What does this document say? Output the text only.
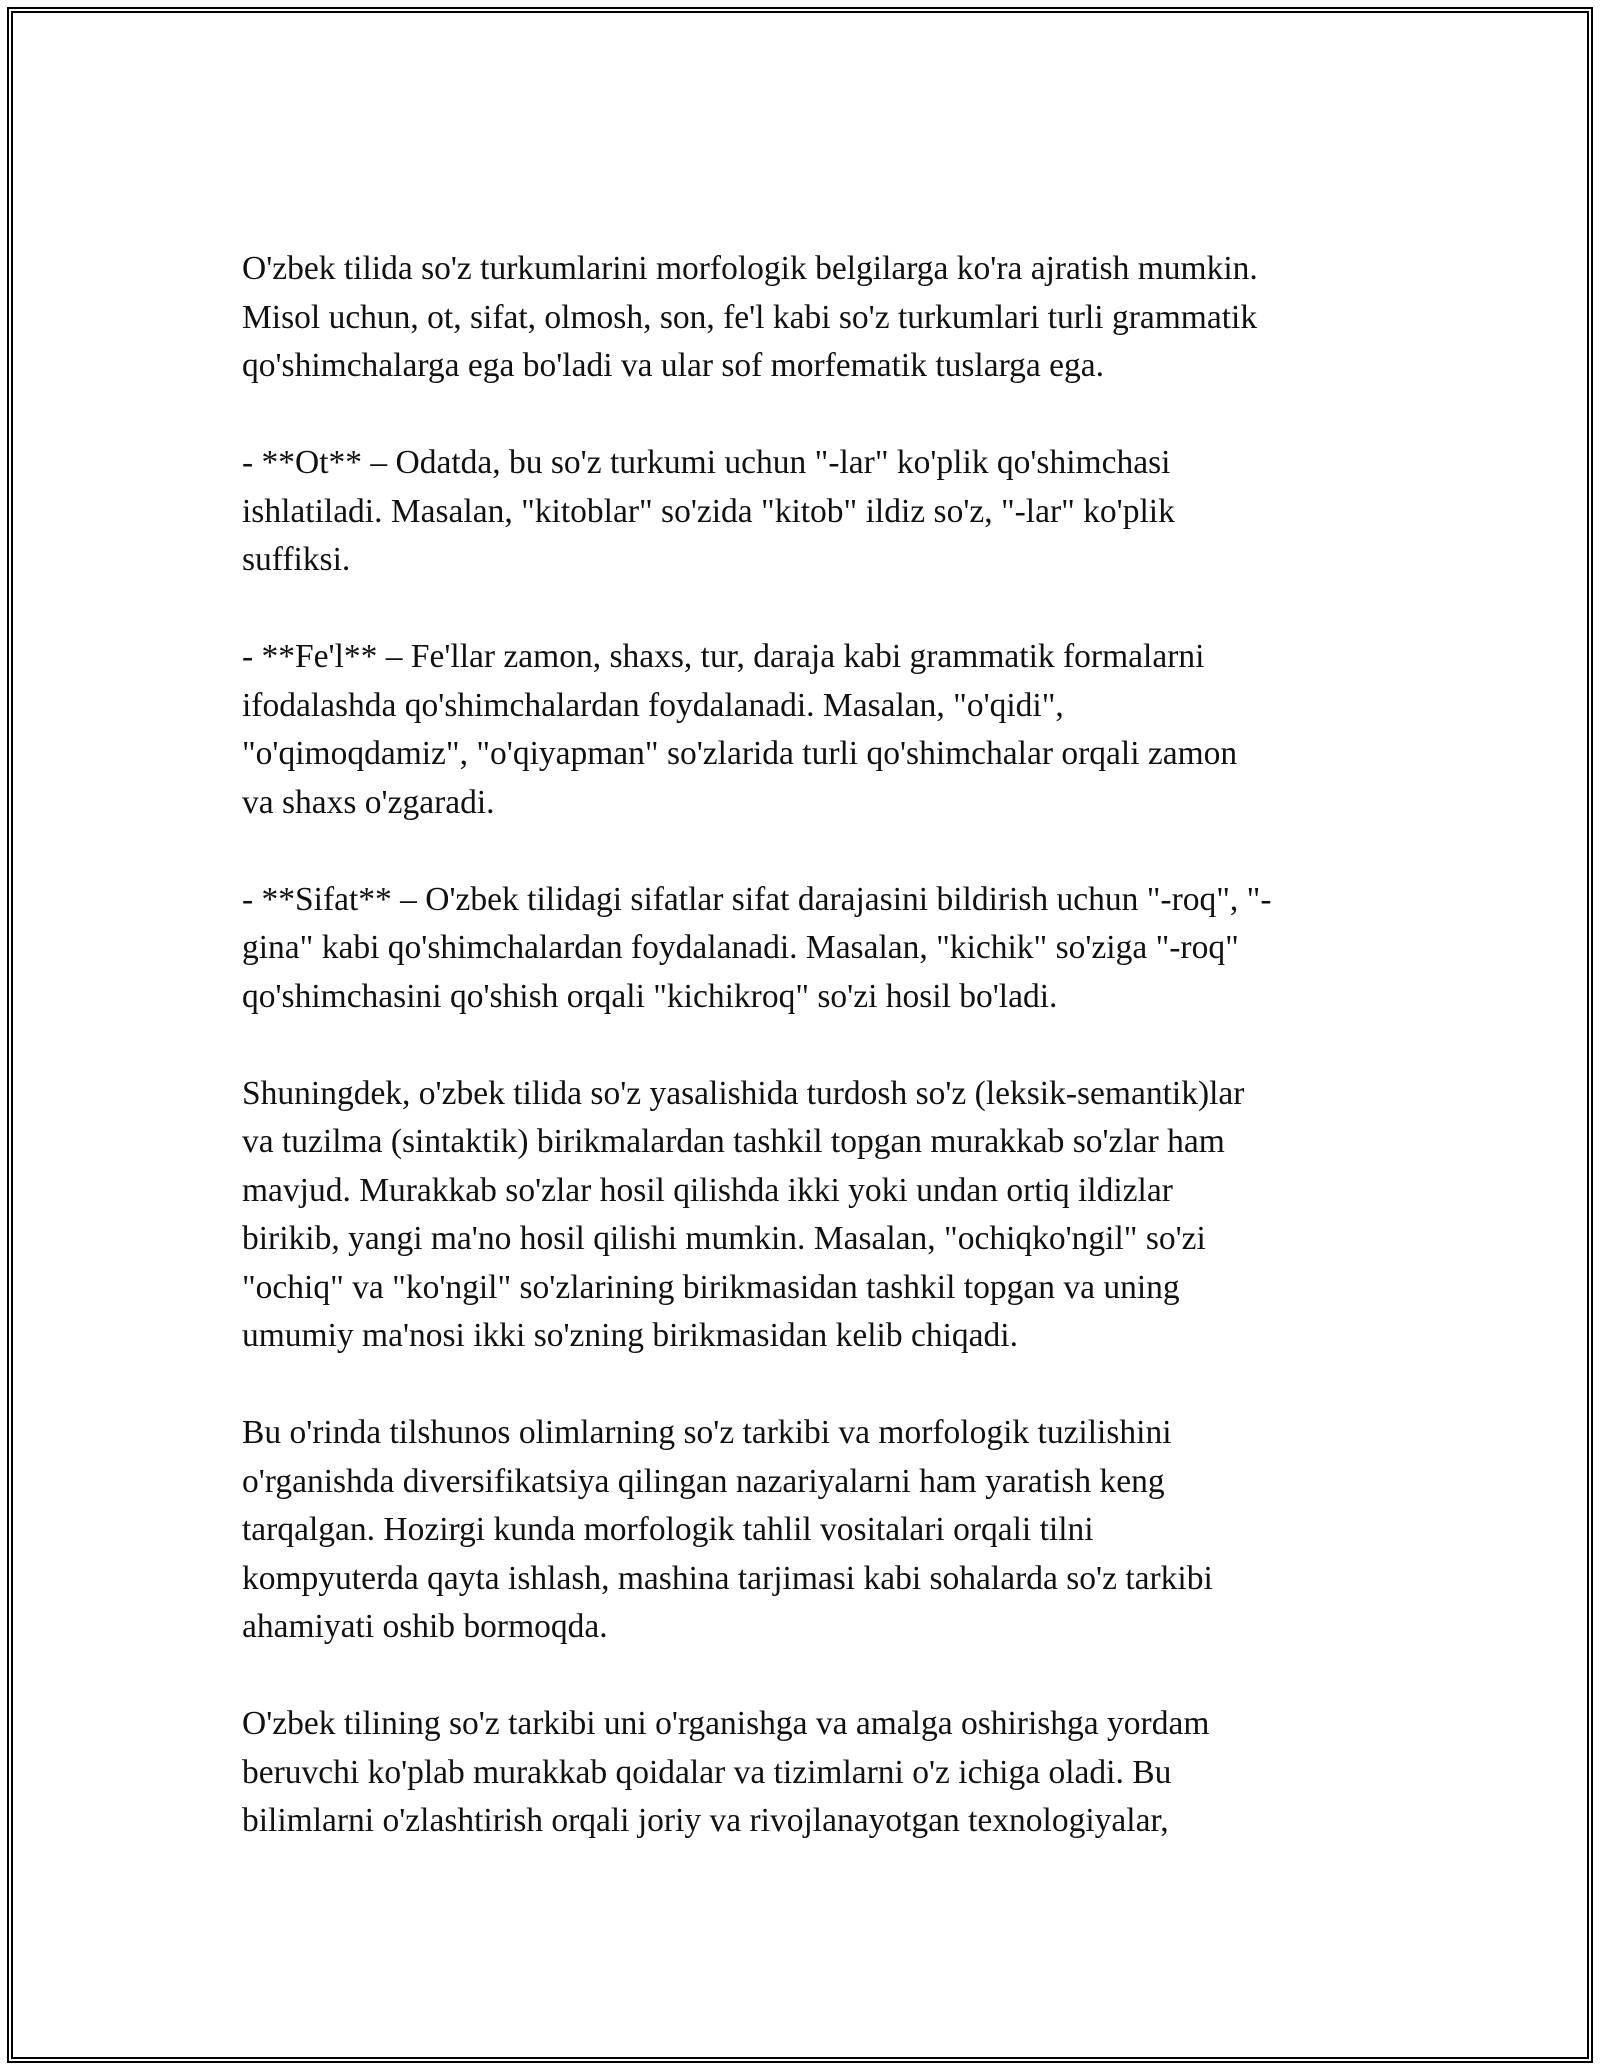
O'zbek tilida so'z turkumlarini morfologik belgilarga ko'ra ajratish mumkin.
Misol uchun, ot, sifat, olmosh, son, fe'l kabi so'z turkumlari turli grammatik
qo'shimchalarga ega bo'ladi va ular sof morfematik tuslarga ega.

- **Ot** – Odatda, bu so'z turkumi uchun "-lar" ko'plik qo'shimchasi
ishlatiladi. Masalan, "kitoblar" so'zida "kitob" ildiz so'z, "-lar" ko'plik
suffiksi.

- **Fe'l** – Fe'llar zamon, shaxs, tur, daraja kabi grammatik formalarni
ifodalashda qo'shimchalardan foydalanadi. Masalan, "o'qidi",
"o'qimoqdamiz", "o'qiyapman" so'zlarida turli qo'shimchalar orqali zamon
va shaxs o'zgaradi.

- **Sifat** – O'zbek tilidagi sifatlar sifat darajasini bildirish uchun "-roq", "-
gina" kabi qo'shimchalardan foydalanadi. Masalan, "kichik" so'ziga "-roq"
qo'shimchasini qo'shish orqali "kichikroq" so'zi hosil bo'ladi.

Shuningdek, o'zbek tilida so'z yasalishida turdosh so'z (leksik-semantik)lar
va tuzilma (sintaktik) birikmalardan tashkil topgan murakkab so'zlar ham
mavjud. Murakkab so'zlar hosil qilishda ikki yoki undan ortiq ildizlar
birikib, yangi ma'no hosil qilishi mumkin. Masalan, "ochiqko'ngil" so'zi
"ochiq" va "ko'ngil" so'zlarining birikmasidan tashkil topgan va uning
umumiy ma'nosi ikki so'zning birikmasidan kelib chiqadi.

Bu o'rinda tilshunos olimlarning so'z tarkibi va morfologik tuzilishini
o'rganishda diversifikatsiya qilingan nazariyalarni ham yaratish keng
tarqalgan. Hozirgi kunda morfologik tahlil vositalari orqali tilni
kompyuterda qayta ishlash, mashina tarjimasi kabi sohalarda so'z tarkibi
ahamiyati oshib bormoqda.

O'zbek tilining so'z tarkibi uni o'rganishga va amalga oshirishga yordam
beruvchi ko'plab murakkab qoidalar va tizimlarni o'z ichiga oladi. Bu
bilimlarni o'zlashtirish orqali joriy va rivojlanayotgan texnologiyalar,
